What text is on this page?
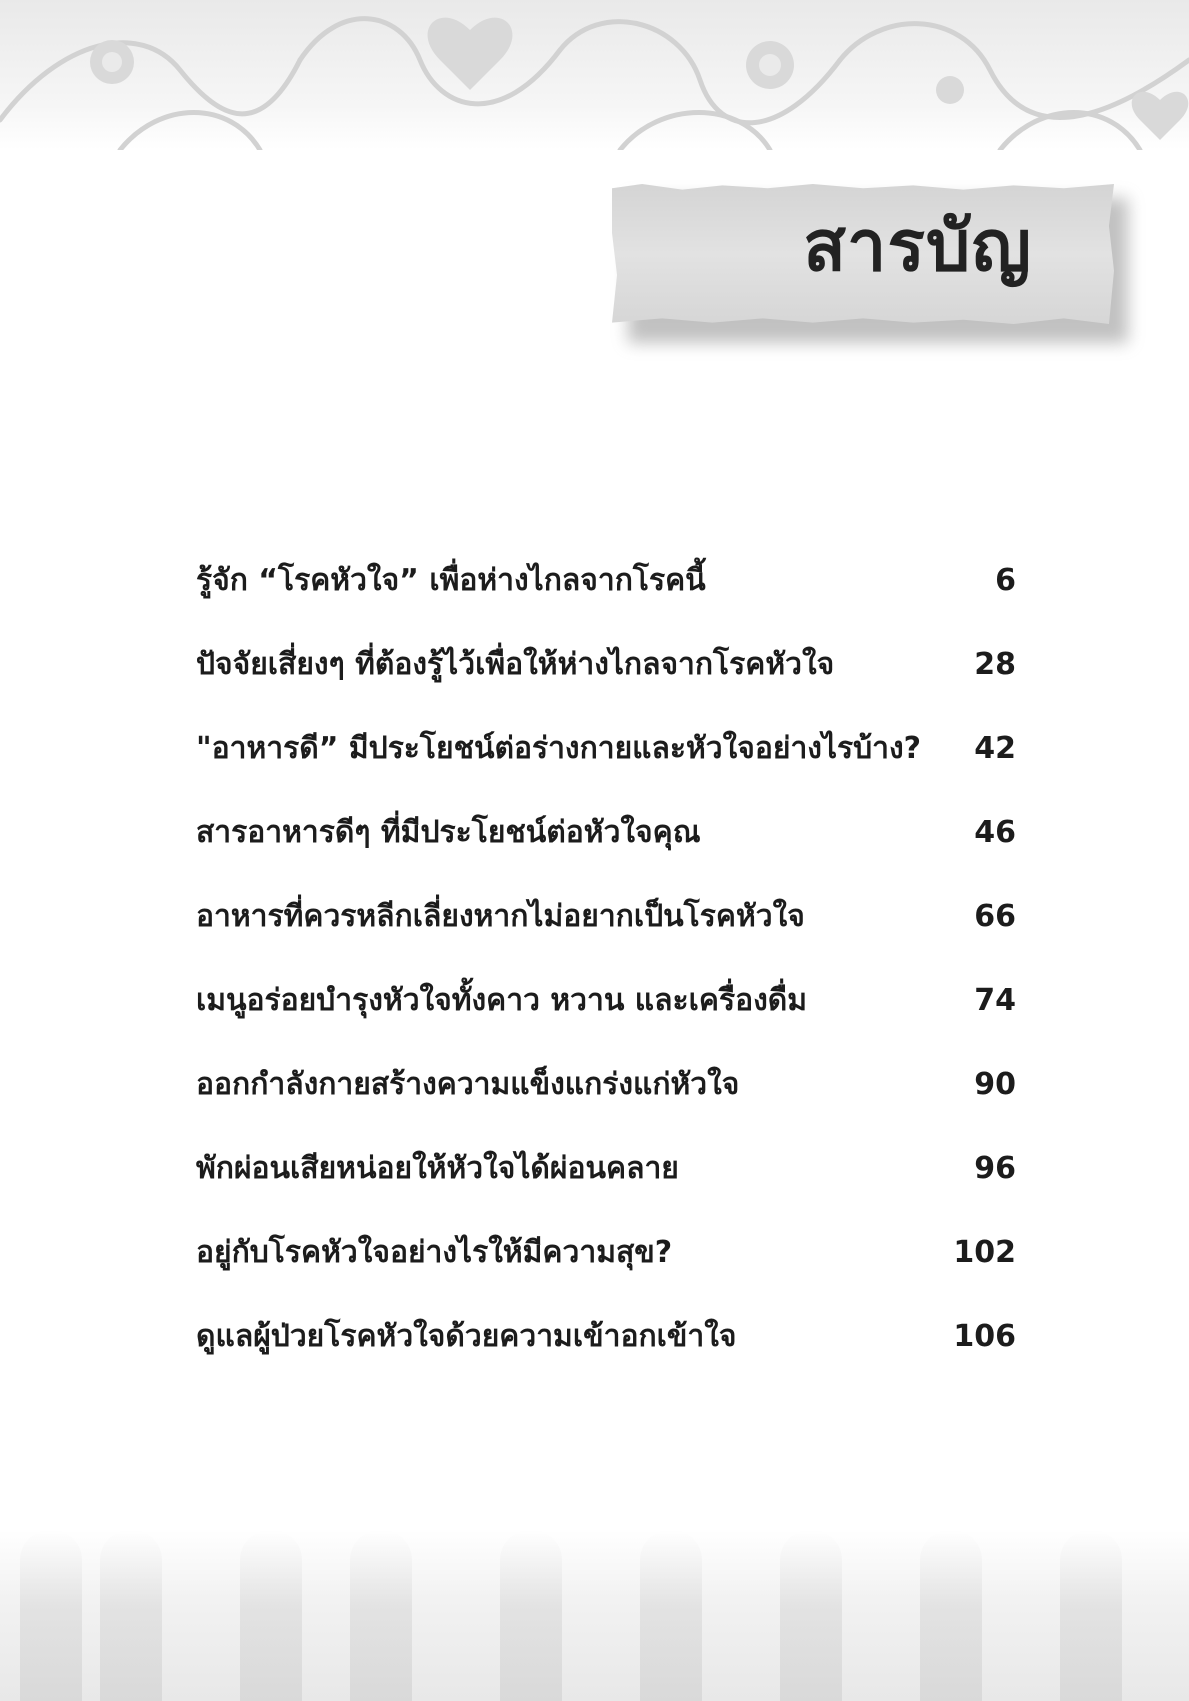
สารบัญ
รู้จัก “โรคหัวใจ” เพื่อห่างไกลจากโรคนี้	6
ปัจจัยเสี่ยงๆ ที่ต้องรู้ไว้เพื่อให้ห่างไกลจากโรคหัวใจ	28
"อาหารดี” มีประโยชน์ต่อร่างกายและหัวใจอย่างไรบ้าง?	42
สารอาหารดีๆ ที่มีประโยชน์ต่อหัวใจคุณ	46
อาหารที่ควรหลีกเลี่ยงหากไม่อยากเป็นโรคหัวใจ	66
เมนูอร่อยบำรุงหัวใจทั้งคาว หวาน และเครื่องดื่ม	74
ออกกำลังกายสร้างความแข็งแกร่งแก่หัวใจ	90
พักผ่อนเสียหน่อยให้หัวใจได้ผ่อนคลาย	96
อยู่กับโรคหัวใจอย่างไรให้มีความสุข?	102
ดูแลผู้ป่วยโรคหัวใจด้วยความเข้าอกเข้าใจ	106
